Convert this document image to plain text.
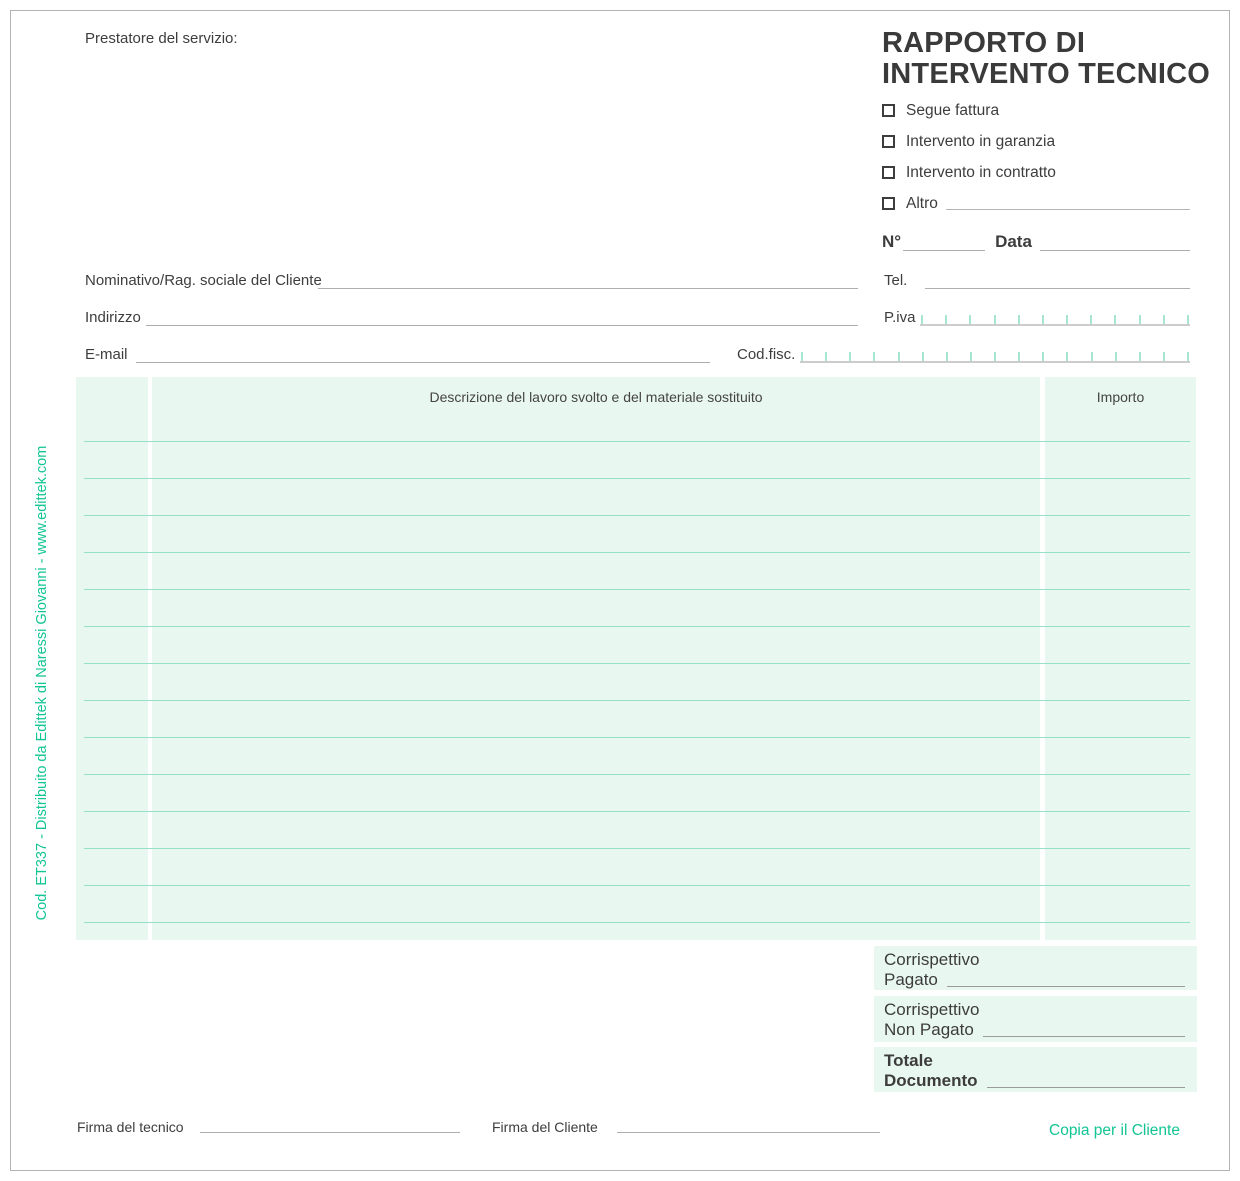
Prestatore del servizio:	RAPPORTO DI
INTERVENTO TECNICO
Segue fattura
Intervento in garanzia
Intervento in contratto
Altro
N°	Data
Nominativo/Rag. sociale del Cliente	Tel.
Indirizzo	P.iva
E-mail	Cod.fisc.
Descrizione del lavoro svolto e del materiale sostituito	Importo
Cod. ET337 - Distribuito da Edittek di Naressi Giovanni - www.edittek.com
Corrispettivo
Pagato
Corrispettivo
Non Pagato
Totale
Documento
Firma del tecnico	Firma del Cliente	Copia per il Cliente
